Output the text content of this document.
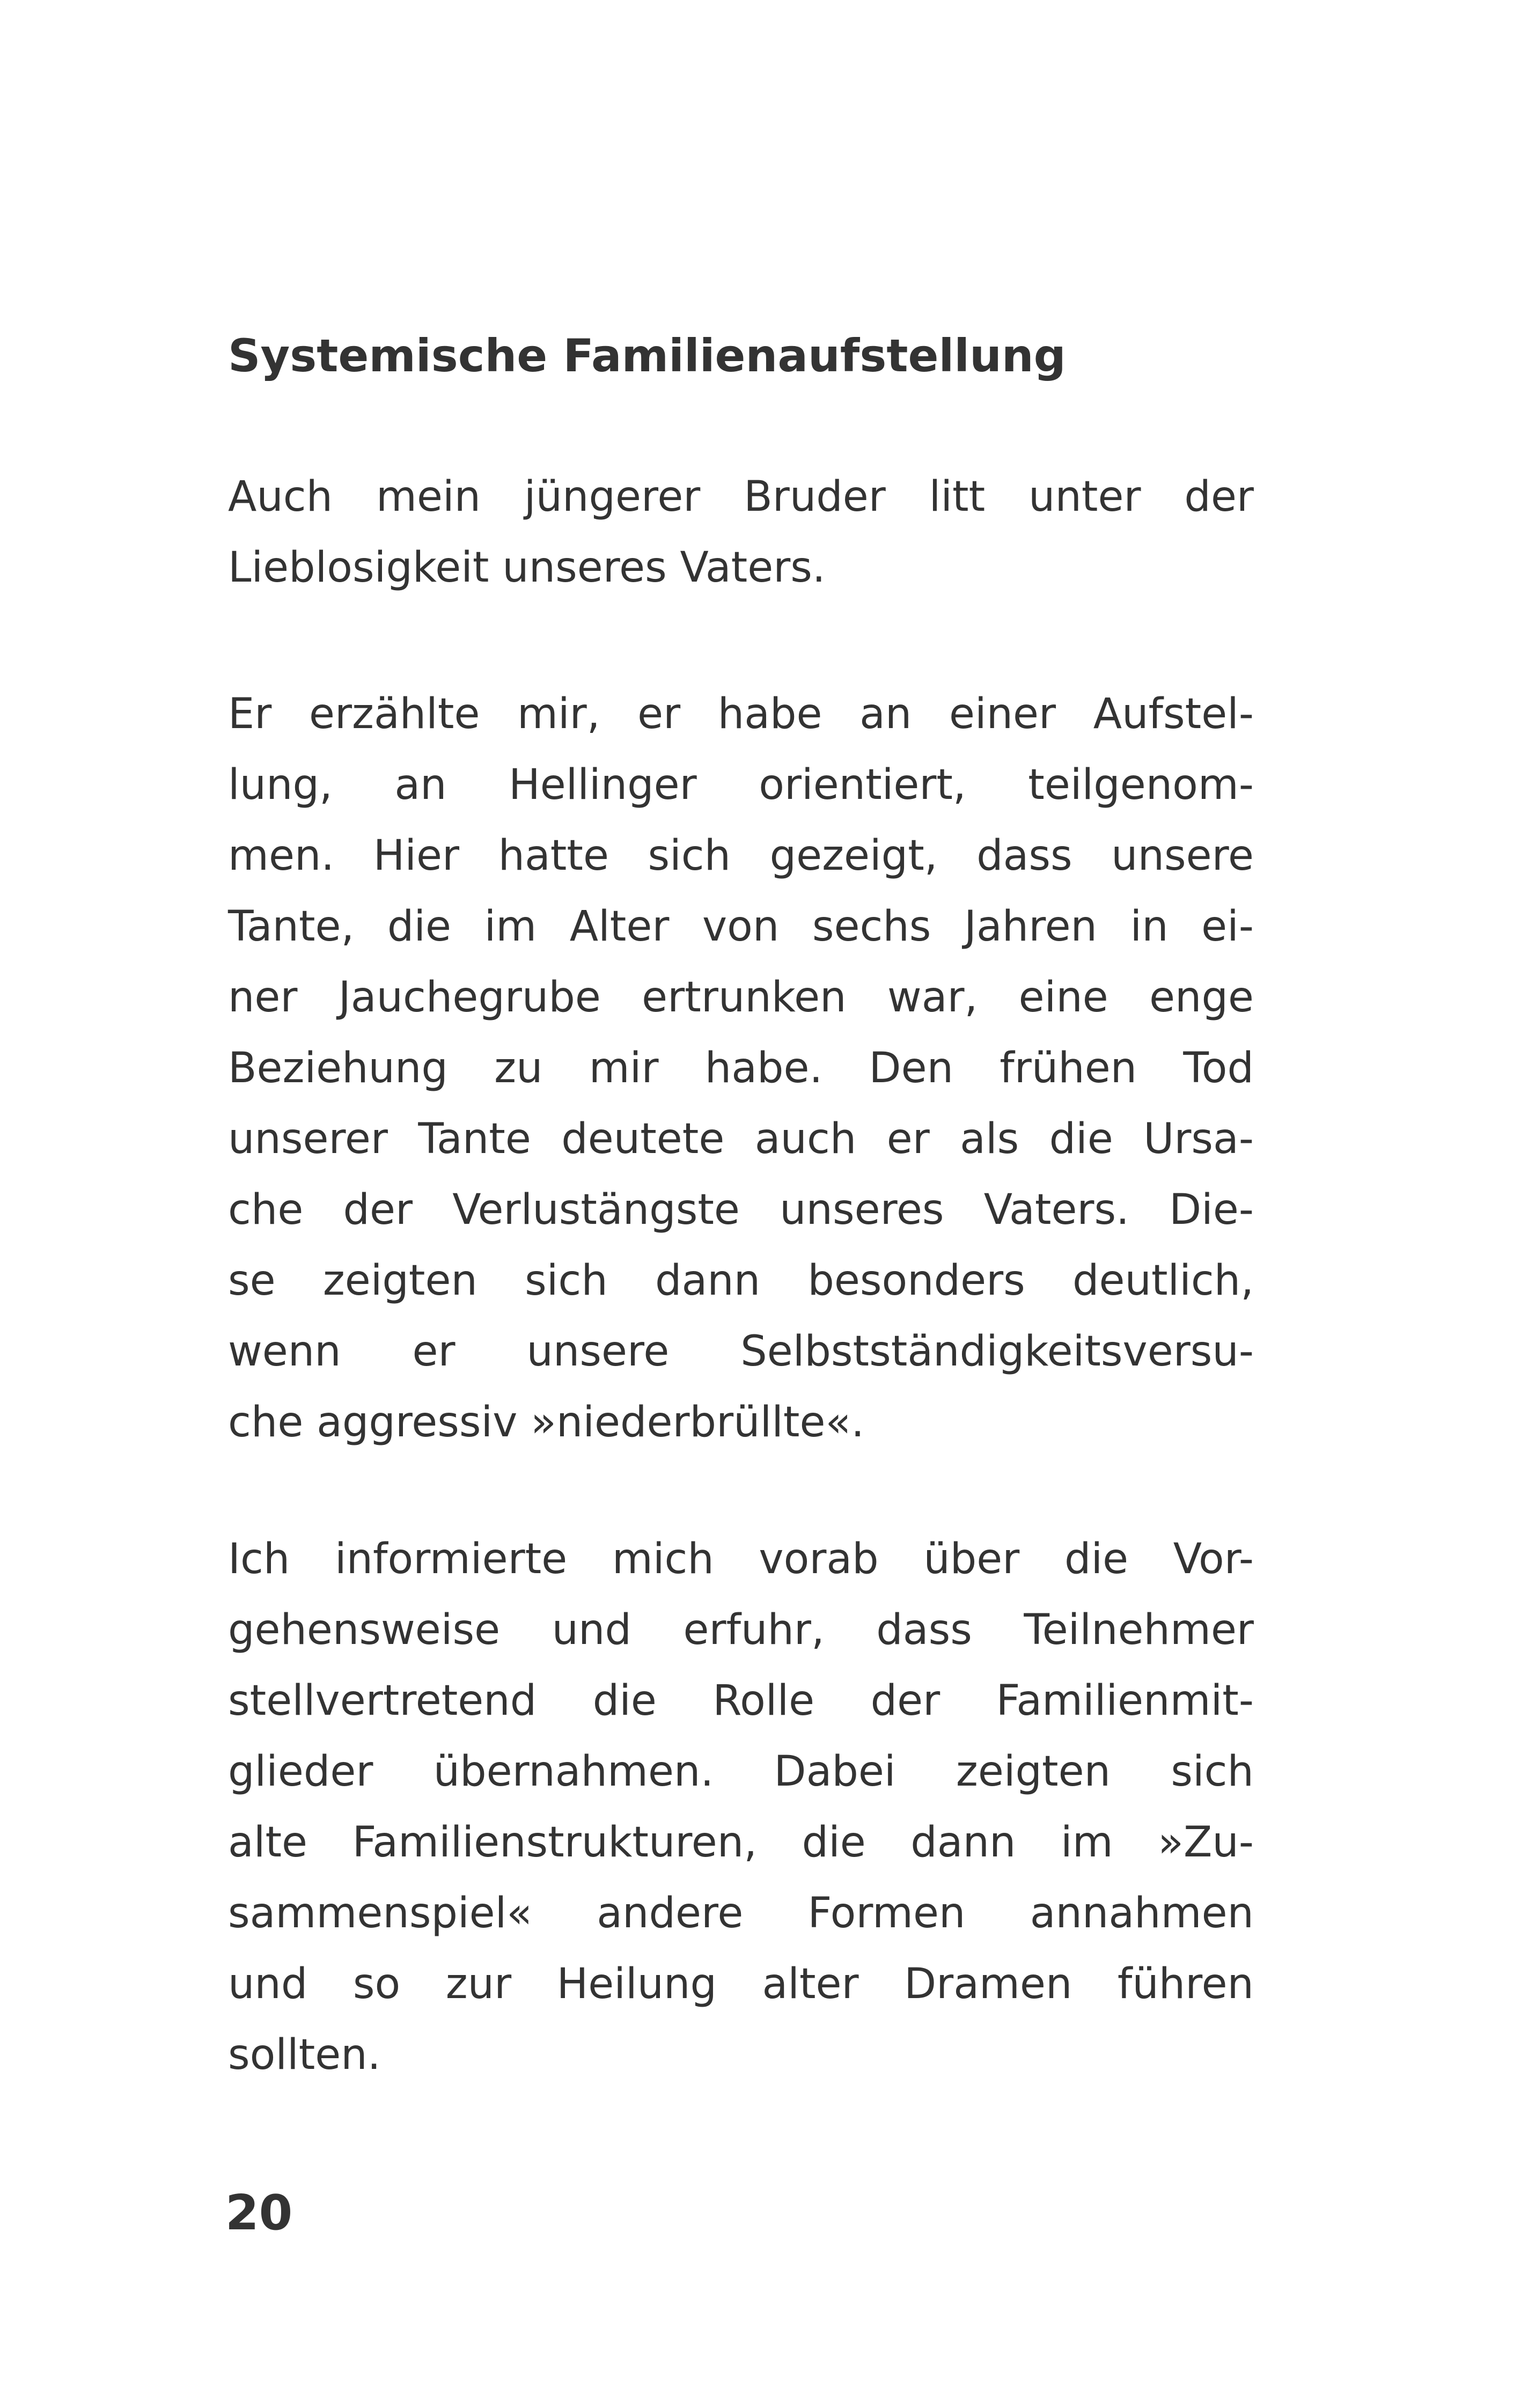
Systemische Familienaufstellung

Auch mein jüngerer Bruder litt unter der
Lieblosigkeit unseres Vaters.

Er erzählte mir, er habe an einer Aufstel-
lung, an Hellinger orientiert, teilgenom-
men. Hier hatte sich gezeigt, dass unsere
Tante, die im Alter von sechs Jahren in ei-
ner Jauchegrube ertrunken war, eine enge
Beziehung zu mir habe. Den frühen Tod
unserer Tante deutete auch er als die Ursa-
che der Verlustängste unseres Vaters. Die-
se zeigten sich dann besonders deutlich,
wenn er unsere Selbstständigkeitsversu-
che aggressiv »niederbrüllte«.

Ich informierte mich vorab über die Vor-
gehensweise und erfuhr, dass Teilnehmer
stellvertretend die Rolle der Familienmit-
glieder übernahmen. Dabei zeigten sich
alte Familienstrukturen, die dann im »Zu-
sammenspiel« andere Formen annahmen
und so zur Heilung alter Dramen führen
sollten.

20
